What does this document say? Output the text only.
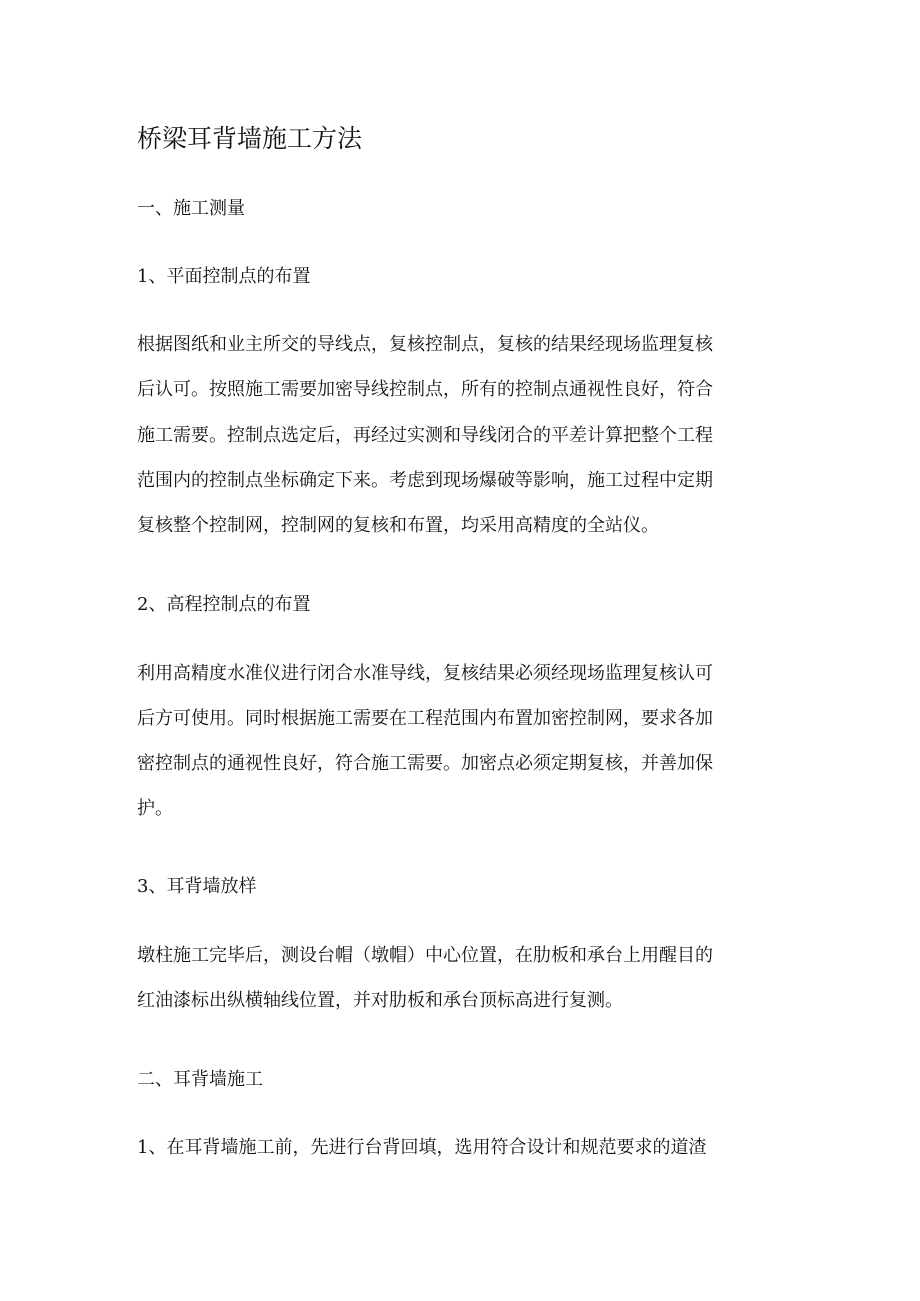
桥梁耳背墙施工方法

一、施工测量

1、平面控制点的布置

根据图纸和业主所交的导线点，复核控制点，复核的结果经现场监理复核

后认可。按照施工需要加密导线控制点，所有的控制点通视性良好，符合

施工需要。控制点选定后，再经过实测和导线闭合的平差计算把整个工程

范围内的控制点坐标确定下来。考虑到现场爆破等影响，施工过程中定期

复核整个控制网，控制网的复核和布置，均采用高精度的全站仪。

2、高程控制点的布置

利用高精度水准仪进行闭合水准导线，复核结果必须经现场监理复核认可

后方可使用。同时根据施工需要在工程范围内布置加密控制网，要求各加

密控制点的通视性良好，符合施工需要。加密点必须定期复核，并善加保

护。

3、耳背墙放样

墩柱施工完毕后，测设台帽（墩帽）中心位置，在肋板和承台上用醒目的

红油漆标出纵横轴线位置，并对肋板和承台顶标高进行复测。

二、耳背墙施工

1、在耳背墙施工前，先进行台背回填，选用符合设计和规范要求的道渣
